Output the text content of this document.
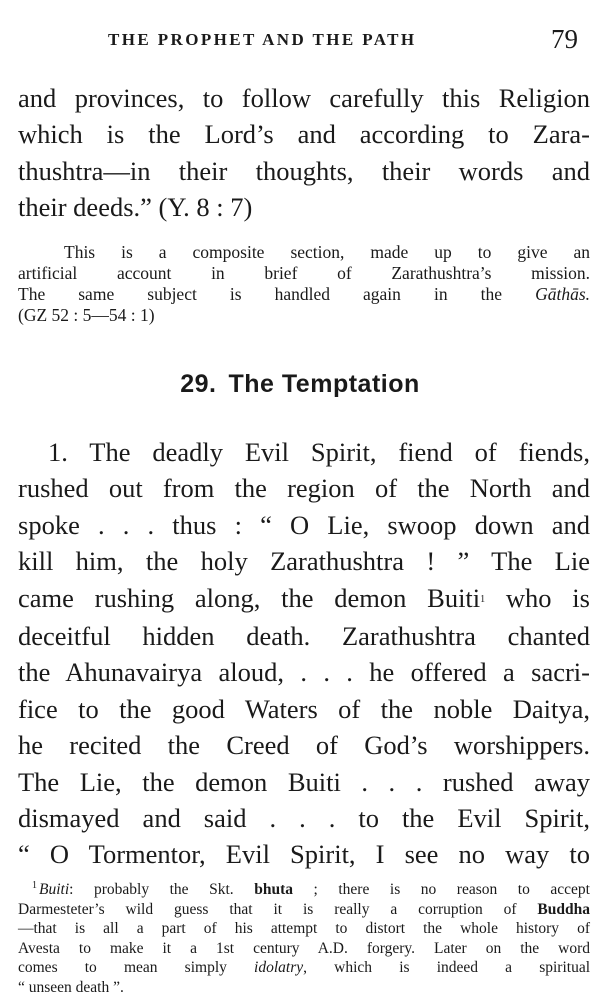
THE PROPHET AND THE PATH	79

and provinces, to follow carefully this Religion
which is the Lord’s and according to Zara-
thushtra—in their thoughts, their words and
their deeds.” (Y. 8 : 7)

This is a composite section, made up to give an
artificial account in brief of Zarathushtra’s mission.
The same subject is handled again in the Gāthās.
(GZ 52 : 5—54 : 1)

29. The Temptation

1. The deadly Evil Spirit, fiend of fiends,
rushed out from the region of the North and
spoke . . . thus : “ O Lie, swoop down and
kill him, the holy Zarathushtra ! ” The Lie
came rushing along, the demon Buiti$^1$ who is
deceitful hidden death. Zarathushtra chanted
the Ahunavairya aloud, . . . he offered a sacri-
fice to the good Waters of the noble Daitya,
he recited the Creed of God’s worshippers.
The Lie, the demon Buiti . . . rushed away
dismayed and said . . . to the Evil Spirit,
“ O Tormentor, Evil Spirit, I see no way to

$^1$ Buiti: probably the Skt. bhuta ; there is no reason to accept
Darmesteter’s wild guess that it is really a corruption of Buddha
—that is all a part of his attempt to distort the whole history of
Avesta to make it a 1st century A.D. forgery. Later on the word
comes to mean simply idolatry, which is indeed a spiritual
“ unseen death ”.
